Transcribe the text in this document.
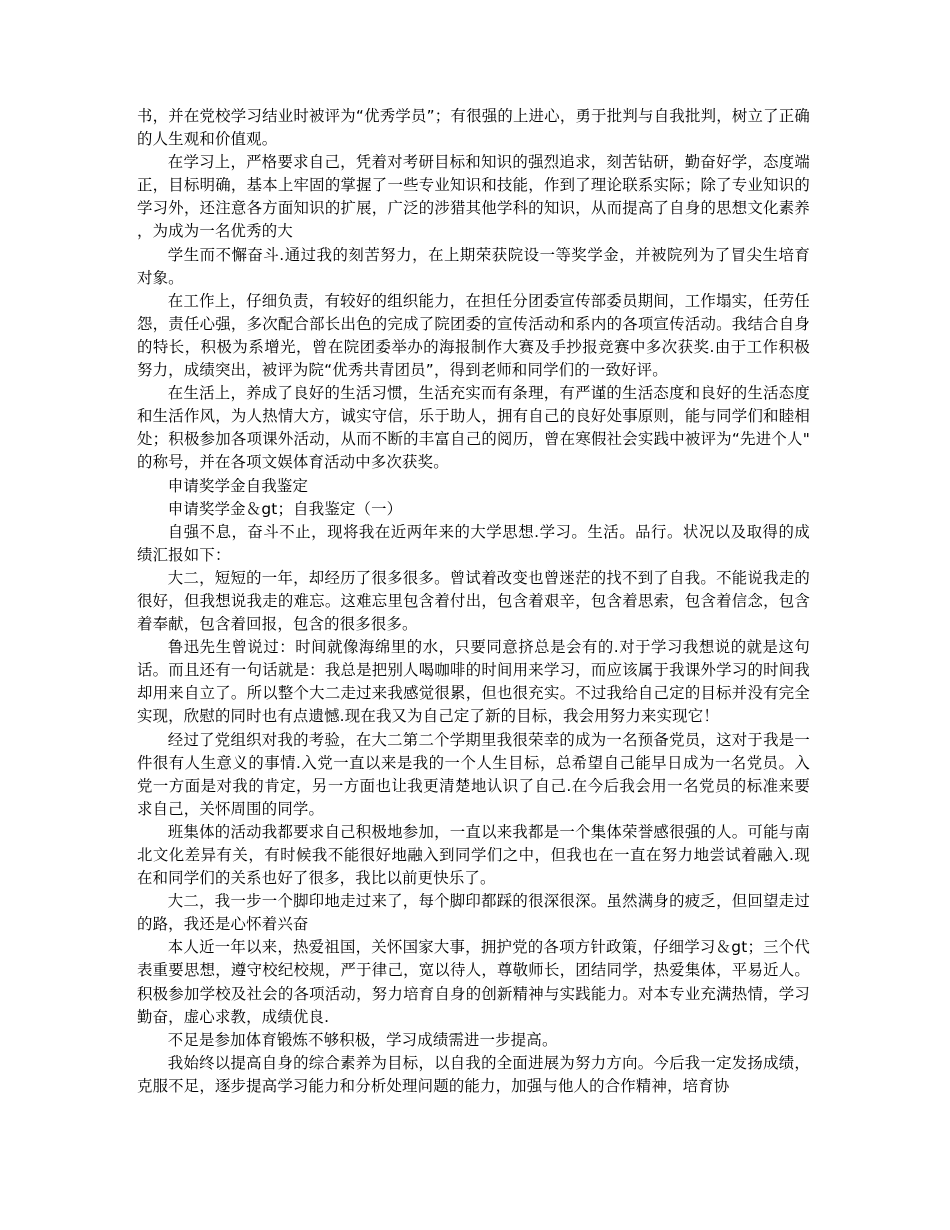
书，并在党校学习结业时被评为“优秀学员”；有很强的上进心，勇于批判与自我批判，树立了正确的人生观和价值观。

在学习上，严格要求自己，凭着对考研目标和知识的强烈追求，刻苦钻研，勤奋好学，态度端正，目标明确，基本上牢固的掌握了一些专业知识和技能，作到了理论联系实际；除了专业知识的学习外，还注意各方面知识的扩展，广泛的涉猎其他学科的知识，从而提高了自身的思想文化素养，为成为一名优秀的大

学生而不懈奋斗.通过我的刻苦努力，在上期荣获院设一等奖学金，并被院列为了冒尖生培育对象。

在工作上，仔细负责，有较好的组织能力，在担任分团委宣传部委员期间，工作塌实，任劳任怨，责任心强，多次配合部长出色的完成了院团委的宣传活动和系内的各项宣传活动。我结合自身的特长，积极为系增光，曾在院团委举办的海报制作大赛及手抄报竞赛中多次获奖.由于工作积极努力，成绩突出，被评为院“优秀共青团员”，得到老师和同学们的一致好评。

在生活上，养成了良好的生活习惯，生活充实而有条理，有严谨的生活态度和良好的生活态度和生活作风，为人热情大方，诚实守信，乐于助人，拥有自己的良好处事原则，能与同学们和睦相处；积极参加各项课外活动，从而不断的丰富自己的阅历，曾在寒假社会实践中被评为“先进个人"的称号，并在各项文娱体育活动中多次获奖。

申请奖学金自我鉴定

申请奖学金＆gt；自我鉴定（一）

自强不息，奋斗不止，现将我在近两年来的大学思想.学习。生活。品行。状况以及取得的成绩汇报如下：

大二，短短的一年，却经历了很多很多。曾试着改变也曾迷茫的找不到了自我。不能说我走的很好，但我想说我走的难忘。这难忘里包含着付出，包含着艰辛，包含着思索，包含着信念，包含着奉献，包含着回报，包含的很多很多。

鲁迅先生曾说过：时间就像海绵里的水，只要同意挤总是会有的.对于学习我想说的就是这句话。而且还有一句话就是：我总是把别人喝咖啡的时间用来学习，而应该属于我课外学习的时间我却用来自立了。所以整个大二走过来我感觉很累，但也很充实。不过我给自己定的目标并没有完全实现，欣慰的同时也有点遗憾.现在我又为自己定了新的目标，我会用努力来实现它！

经过了党组织对我的考验，在大二第二个学期里我很荣幸的成为一名预备党员，这对于我是一件很有人生意义的事情.入党一直以来是我的一个人生目标，总希望自己能早日成为一名党员。入党一方面是对我的肯定，另一方面也让我更清楚地认识了自己.在今后我会用一名党员的标准来要求自己，关怀周围的同学。

班集体的活动我都要求自己积极地参加，一直以来我都是一个集体荣誉感很强的人。可能与南北文化差异有关，有时候我不能很好地融入到同学们之中，但我也在一直在努力地尝试着融入.现在和同学们的关系也好了很多，我比以前更快乐了。

大二，我一步一个脚印地走过来了，每个脚印都踩的很深很深。虽然满身的疲乏，但回望走过的路，我还是心怀着兴奋

本人近一年以来，热爱祖国，关怀国家大事，拥护党的各项方针政策，仔细学习＆gt；三个代表重要思想，遵守校纪校规，严于律己，宽以待人，尊敬师长，团结同学，热爱集体，平易近人。积极参加学校及社会的各项活动，努力培育自身的创新精神与实践能力。对本专业充满热情，学习勤奋，虚心求教，成绩优良.

不足是参加体育锻炼不够积极，学习成绩需进一步提高。

我始终以提高自身的综合素养为目标，以自我的全面进展为努力方向。今后我一定发扬成绩，克服不足，逐步提高学习能力和分析处理问题的能力，加强与他人的合作精神，培育协
